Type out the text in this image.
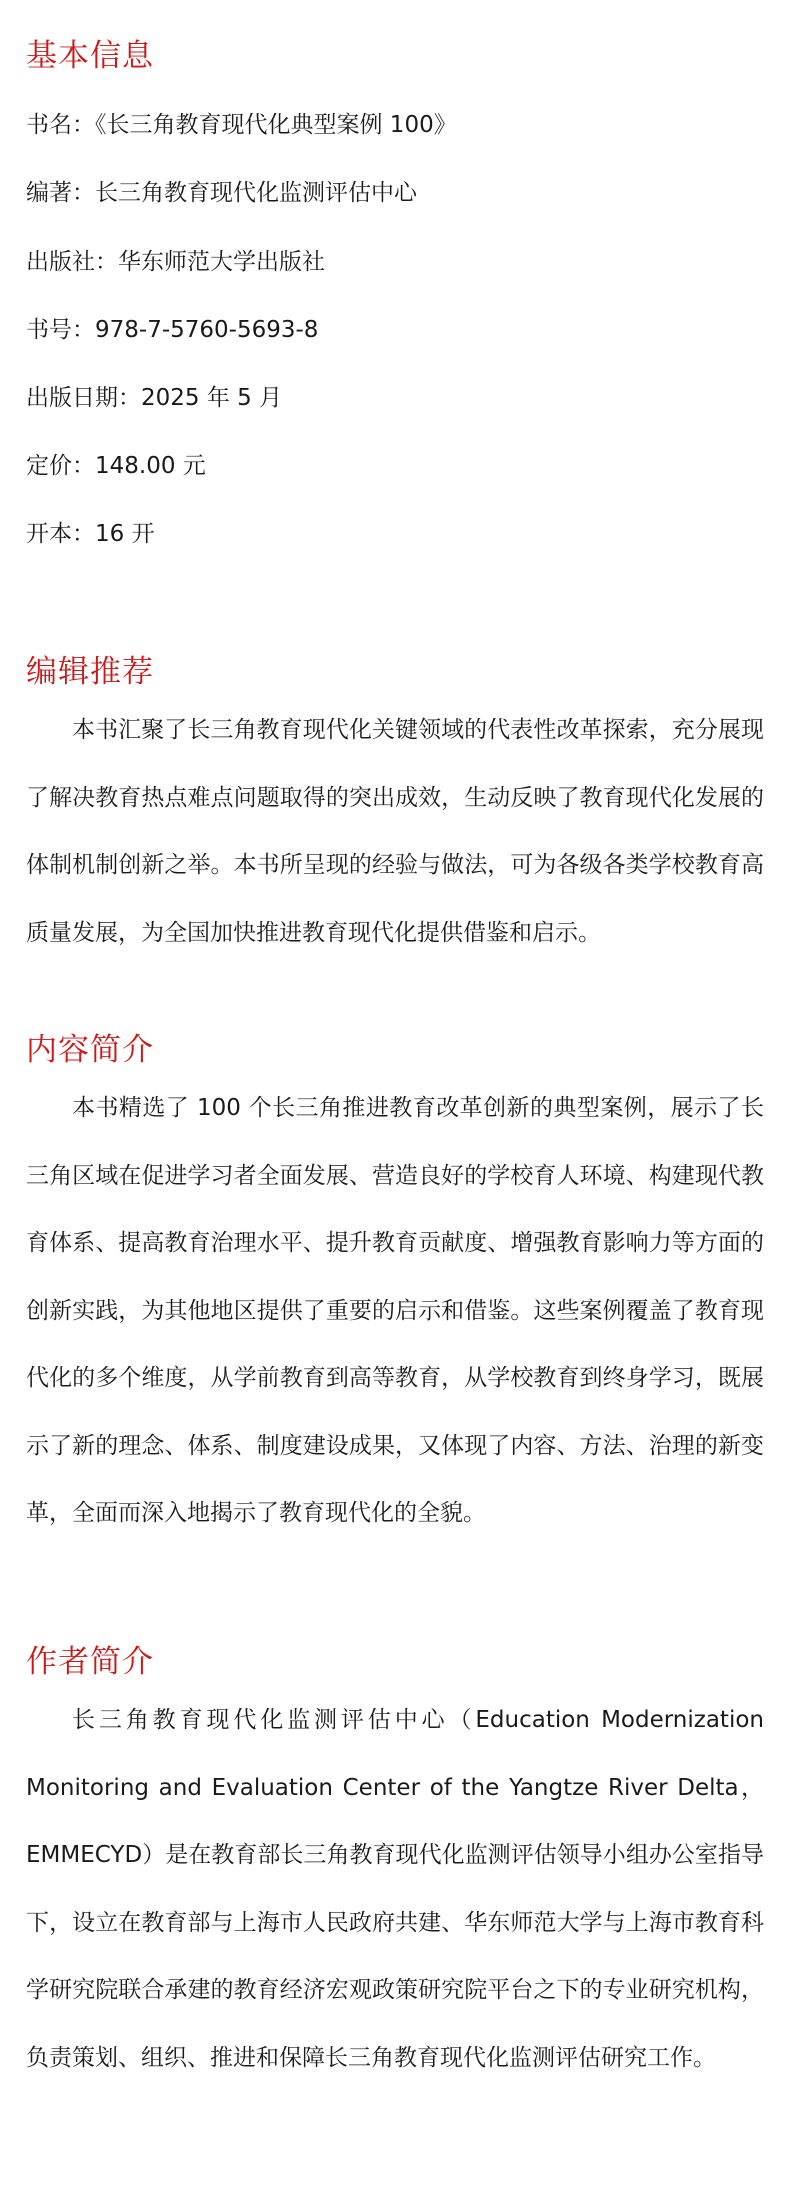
基本信息

书名：《长三角教育现代化典型案例 100》

编著：长三角教育现代化监测评估中心

出版社：华东师范大学出版社

书号：978-7-5760-5693-8

出版日期：2025 年 5 月

定价：148.00 元

开本：16 开

编辑推荐

本书汇聚了长三角教育现代化关键领域的代表性改革探索，充分展现了解决教育热点难点问题取得的突出成效，生动反映了教育现代化发展的体制机制创新之举。本书所呈现的经验与做法，可为各级各类学校教育高质量发展，为全国加快推进教育现代化提供借鉴和启示。

内容简介

本书精选了 100 个长三角推进教育改革创新的典型案例，展示了长三角区域在促进学习者全面发展、营造良好的学校育人环境、构建现代教育体系、提高教育治理水平、提升教育贡献度、增强教育影响力等方面的创新实践，为其他地区提供了重要的启示和借鉴。这些案例覆盖了教育现代化的多个维度，从学前教育到高等教育，从学校教育到终身学习，既展示了新的理念、体系、制度建设成果，又体现了内容、方法、治理的新变革，全面而深入地揭示了教育现代化的全貌。

作者简介

长三角教育现代化监测评估中心（Education Modernization Monitoring and Evaluation Center of the Yangtze River Delta，EMMECYD）是在教育部长三角教育现代化监测评估领导小组办公室指导下，设立在教育部与上海市人民政府共建、华东师范大学与上海市教育科学研究院联合承建的教育经济宏观政策研究院平台之下的专业研究机构，负责策划、组织、推进和保障长三角教育现代化监测评估研究工作。
